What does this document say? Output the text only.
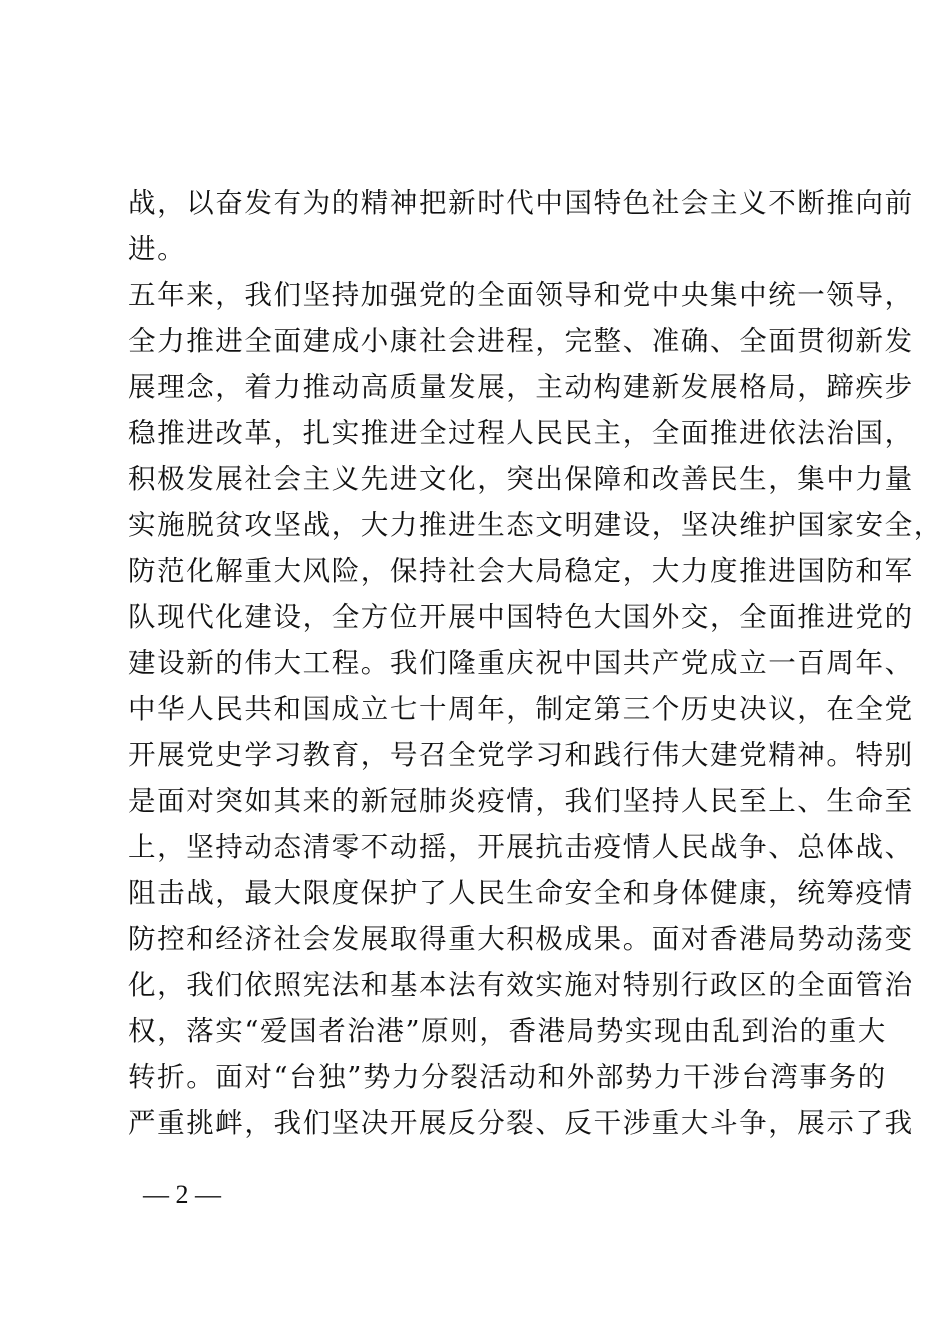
战，以奋发有为的精神把新时代中国特色社会主义不断推向前
进。
五年来，我们坚持加强党的全面领导和党中央集中统一领导，
全力推进全面建成小康社会进程，完整、准确、全面贯彻新发
展理念，着力推动高质量发展，主动构建新发展格局，蹄疾步
稳推进改革，扎实推进全过程人民民主，全面推进依法治国，
积极发展社会主义先进文化，突出保障和改善民生，集中力量
实施脱贫攻坚战，大力推进生态文明建设，坚决维护国家安全，
防范化解重大风险，保持社会大局稳定，大力度推进国防和军
队现代化建设，全方位开展中国特色大国外交，全面推进党的
建设新的伟大工程。我们隆重庆祝中国共产党成立一百周年、
中华人民共和国成立七十周年，制定第三个历史决议，在全党
开展党史学习教育，号召全党学习和践行伟大建党精神。特别
是面对突如其来的新冠肺炎疫情，我们坚持人民至上、生命至
上，坚持动态清零不动摇，开展抗击疫情人民战争、总体战、
阻击战，最大限度保护了人民生命安全和身体健康，统筹疫情
防控和经济社会发展取得重大积极成果。面对香港局势动荡变
化，我们依照宪法和基本法有效实施对特别行政区的全面管治
权，落实“爱国者治港”原则，香港局势实现由乱到治的重大
转折。面对“台独”势力分裂活动和外部势力干涉台湾事务的
严重挑衅，我们坚决开展反分裂、反干涉重大斗争，展示了我
— 2 —
